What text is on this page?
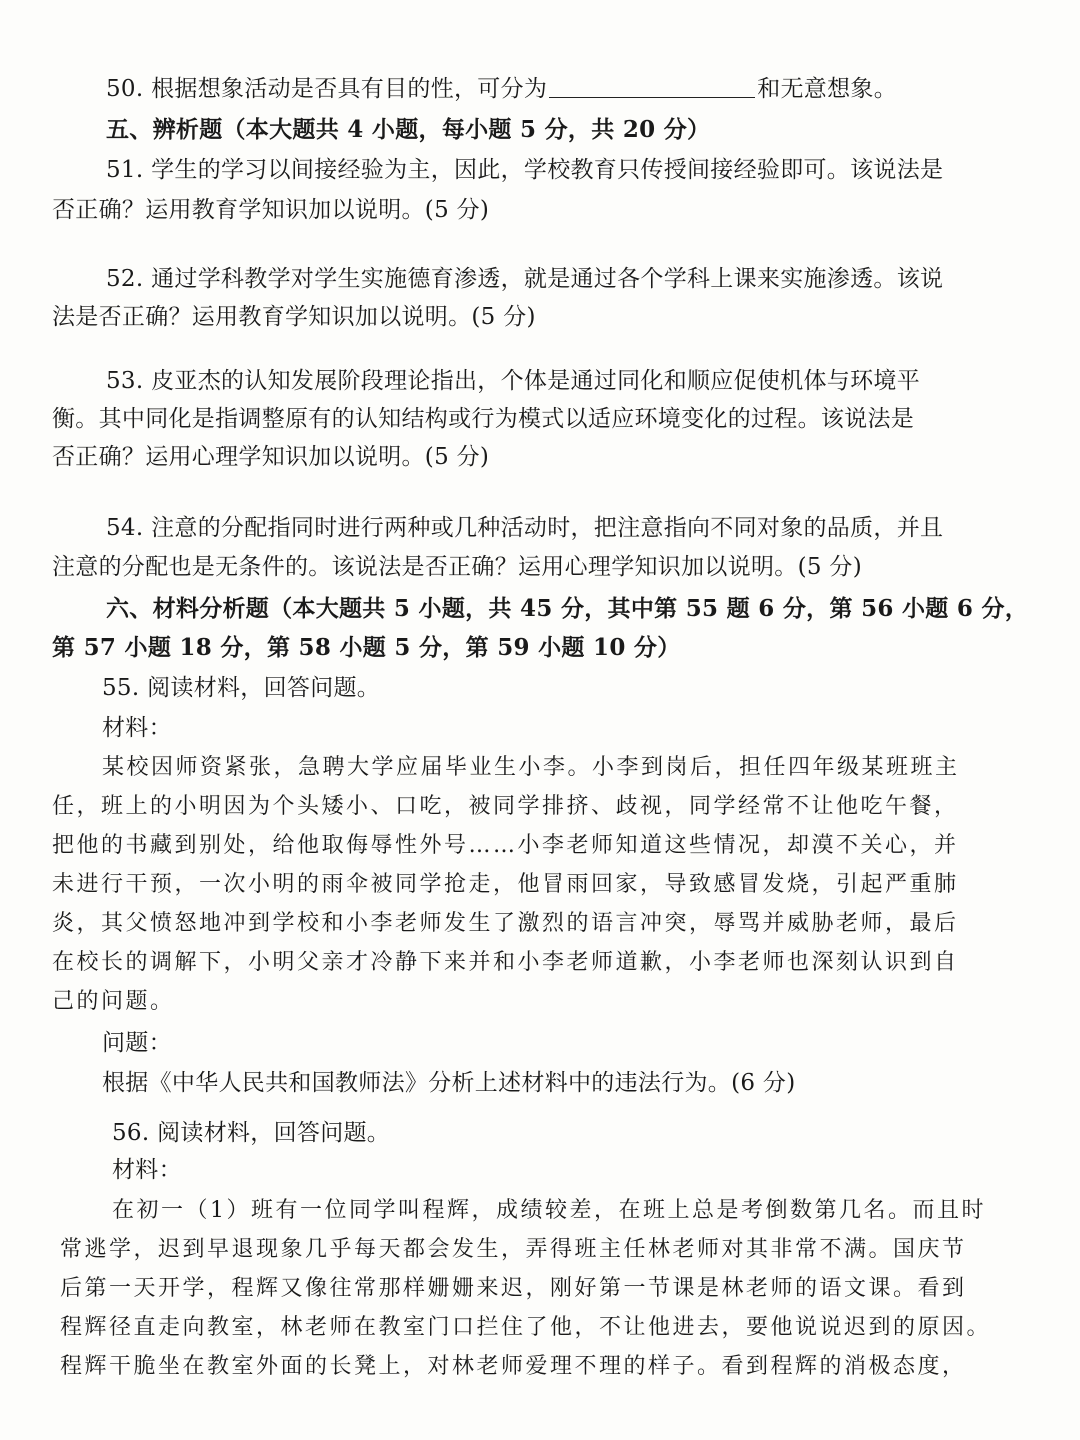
50. 根据想象活动是否具有目的性，可分为	和无意想象。
五、辨析题（本大题共 4 小题，每小题 5 分，共 20 分）
51. 学生的学习以间接经验为主，因此，学校教育只传授间接经验即可。该说法是
否正确？运用教育学知识加以说明。(5 分)
52. 通过学科教学对学生实施德育渗透，就是通过各个学科上课来实施渗透。该说
法是否正确？运用教育学知识加以说明。(5 分)
53. 皮亚杰的认知发展阶段理论指出，个体是通过同化和顺应促使机体与环境平
衡。其中同化是指调整原有的认知结构或行为模式以适应环境变化的过程。该说法是
否正确？运用心理学知识加以说明。(5 分)
54. 注意的分配指同时进行两种或几种活动时，把注意指向不同对象的品质，并且
注意的分配也是无条件的。该说法是否正确？运用心理学知识加以说明。(5 分)
六、材料分析题（本大题共 5 小题，共 45 分，其中第 55 题 6 分，第 56 小题 6 分，
第 57 小题 18 分，第 58 小题 5 分，第 59 小题 10 分）
55. 阅读材料，回答问题。
材料：
某校因师资紧张，急聘大学应届毕业生小李。小李到岗后，担任四年级某班班主
任，班上的小明因为个头矮小、口吃，被同学排挤、歧视，同学经常不让他吃午餐，
把他的书藏到别处，给他取侮辱性外号……小李老师知道这些情况，却漠不关心，并
未进行干预，一次小明的雨伞被同学抢走，他冒雨回家，导致感冒发烧，引起严重肺
炎，其父愤怒地冲到学校和小李老师发生了激烈的语言冲突，辱骂并威胁老师，最后
在校长的调解下，小明父亲才冷静下来并和小李老师道歉，小李老师也深刻认识到自
己的问题。
问题：
根据《中华人民共和国教师法》分析上述材料中的违法行为。(6 分)
56. 阅读材料，回答问题。
材料：
在初一（1）班有一位同学叫程辉，成绩较差，在班上总是考倒数第几名。而且时
常逃学，迟到早退现象几乎每天都会发生，弄得班主任林老师对其非常不满。国庆节
后第一天开学，程辉又像往常那样姗姗来迟，刚好第一节课是林老师的语文课。看到
程辉径直走向教室，林老师在教室门口拦住了他，不让他进去，要他说说迟到的原因。
程辉干脆坐在教室外面的长凳上，对林老师爱理不理的样子。看到程辉的消极态度，
